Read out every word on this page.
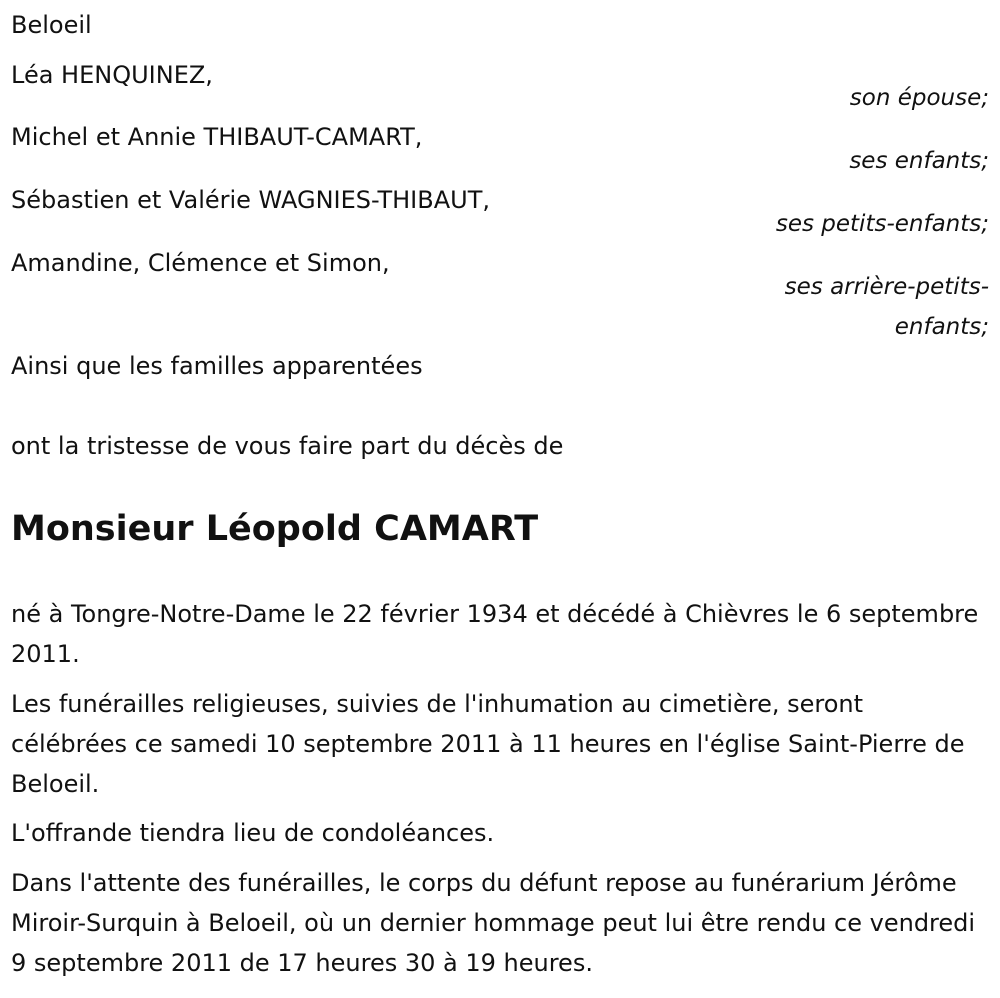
Beloeil
Léa HENQUINEZ,
son épouse;
Michel et Annie THIBAUT-CAMART,
ses enfants;
Sébastien et Valérie WAGNIES-THIBAUT,
ses petits-enfants;
Amandine, Clémence et Simon,
ses arrière-petits-
enfants;
Ainsi que les familles apparentées
ont la tristesse de vous faire part du décès de
Monsieur Léopold CAMART

né à Tongre-Notre-Dame le 22 février 1934 et décédé à Chièvres le 6 septembre 2011.

Les funérailles religieuses, suivies de l'inhumation au cimetière, seront célébrées ce samedi 10 septembre 2011 à 11 heures en l'église Saint-Pierre de Beloeil.

L'offrande tiendra lieu de condoléances.

Dans l'attente des funérailles, le corps du défunt repose au funérarium Jérôme Miroir-Surquin à Beloeil, où un dernier hommage peut lui être rendu ce vendredi 9 septembre 2011 de 17 heures 30 à 19 heures.
